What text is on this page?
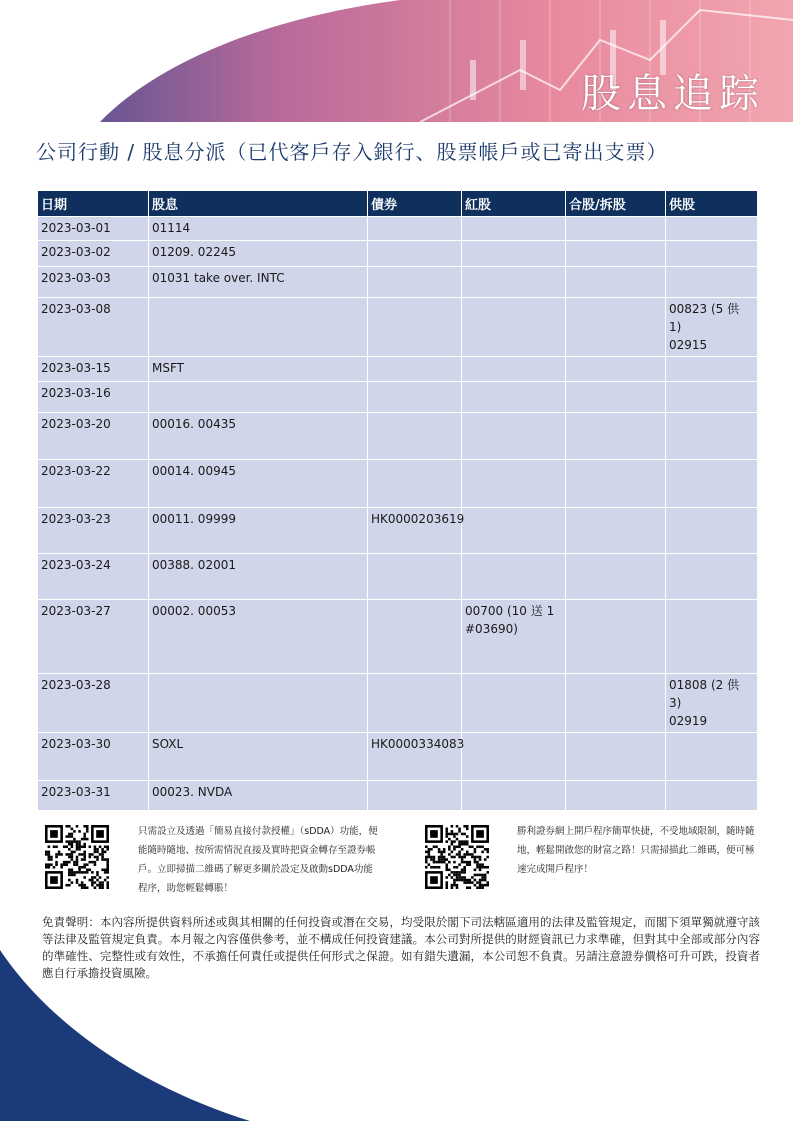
股息追踪
公司行動 / 股息分派（已代客戶存入銀行、股票帳戶或已寄出支票）
日期	股息	債券	紅股	合股/拆股	供股
2023-03-01	01114				
2023-03-02	01209. 02245				
2023-03-03	01031 take over. INTC				
2023-03-08					00823 (5 供 1)
02915
2023-03-15	MSFT				
2023-03-16					
2023-03-20	00016. 00435				
2023-03-22	00014. 00945				
2023-03-23	00011. 09999	HK0000203619			
2023-03-24	00388. 02001				
2023-03-27	00002. 00053		00700 (10 送 1
#03690)		
2023-03-28					01808 (2 供 3)
02919
2023-03-30	SOXL	HK0000334083			
2023-03-31	00023. NVDA				
只需設立及透過「簡易直接付款授權」（sDDA）功能，便能隨時隨地、按所需情況直接及實時把資金轉存至證券帳戶。立即掃描二維碼了解更多關於設定及啟動sDDA功能程序，助您輕鬆轉賬！
勝利證券網上開戶程序簡單快捷，不受地域限制，隨時隨地，輕鬆開啟您的財富之路！只需掃描此二維碼，便可極速完成開戶程序！
免責聲明：本內容所提供資料所述或與其相關的任何投資或潛在交易，均受限於閣下司法轄區適用的法律及監管規定，而閣下須單獨就遵守該等法律及監管規定負責。本月報之內容僅供參考，並不構成任何投資建議。本公司對所提供的財經資訊已力求準確，但對其中全部或部分內容的準確性、完整性或有效性，不承擔任何責任或提供任何形式之保證。如有錯失遺漏，本公司恕不負責。另請注意證券價格可升可跌，投資者應自行承擔投資風險。
